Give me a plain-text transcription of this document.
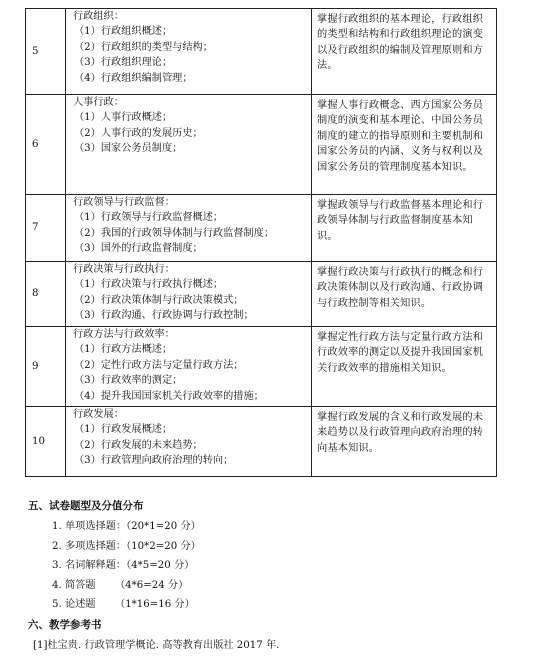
5	行政组织：
（1）行政组织概述；
（2）行政组织的类型与结构；
（3）行政组织理论；
（4）行政组织编制管理；	掌握行政组织的基本理论，行政组织的类型和结构和行政组织理论的演变以及行政组织的编制及管理原则和方法。
6	人事行政：
（1）人事行政概述；
（2）人事行政的发展历史；
（3）国家公务员制度；	掌握人事行政概念、西方国家公务员制度的演变和基本理论、中国公务员制度的建立的指导原则和主要机制和国家公务员的内涵、义务与权利以及国家公务员的管理制度基本知识。
7	行政领导与行政监督：
（1）行政领导与行政监督概述；
（2）我国的行政领导体制与行政监督制度；
（3）国外的行政监督制度；	掌握政领导与行政监督基本理论和行政领导体制与行政监督制度基本知识。
8	行政决策与行政执行：
（1）行政决策与行政执行概述；
（2）行政决策体制与行政决策模式；
（3）行政沟通、行政协调与行政控制；	掌握行政决策与行政执行的概念和行政决策体制以及行政沟通、行政协调与行政控制等相关知识。
9	行政方法与行政效率：
（1）行政方法概述；
（2）定性行政方法与定量行政方法；
（3）行政效率的测定；
（4）提升我国国家机关行政效率的措施；	掌握定性行政方法与定量行政方法和行政效率的测定以及提升我国国家机关行政效率的措施相关知识。
10	行政发展：
（1）行政发展概述；
（2）行政发展的未来趋势；
（3）行政管理向政府治理的转向；	掌握行政发展的含义和行政发展的未来趋势以及行政管理向政府治理的转向基本知识。
五、试卷题型及分值分布
1. 单项选择题：（20*1=20 分）
2. 多项选择题：（10*2=20 分）
3. 名词解释题：（4*5=20 分）
4. 简答题      （4*6=24 分）
5. 论述题      （1*16=16 分）
六、教学参考书
[1]杜宝贵. 行政管理学概论. 高等教育出版社 2017 年.
